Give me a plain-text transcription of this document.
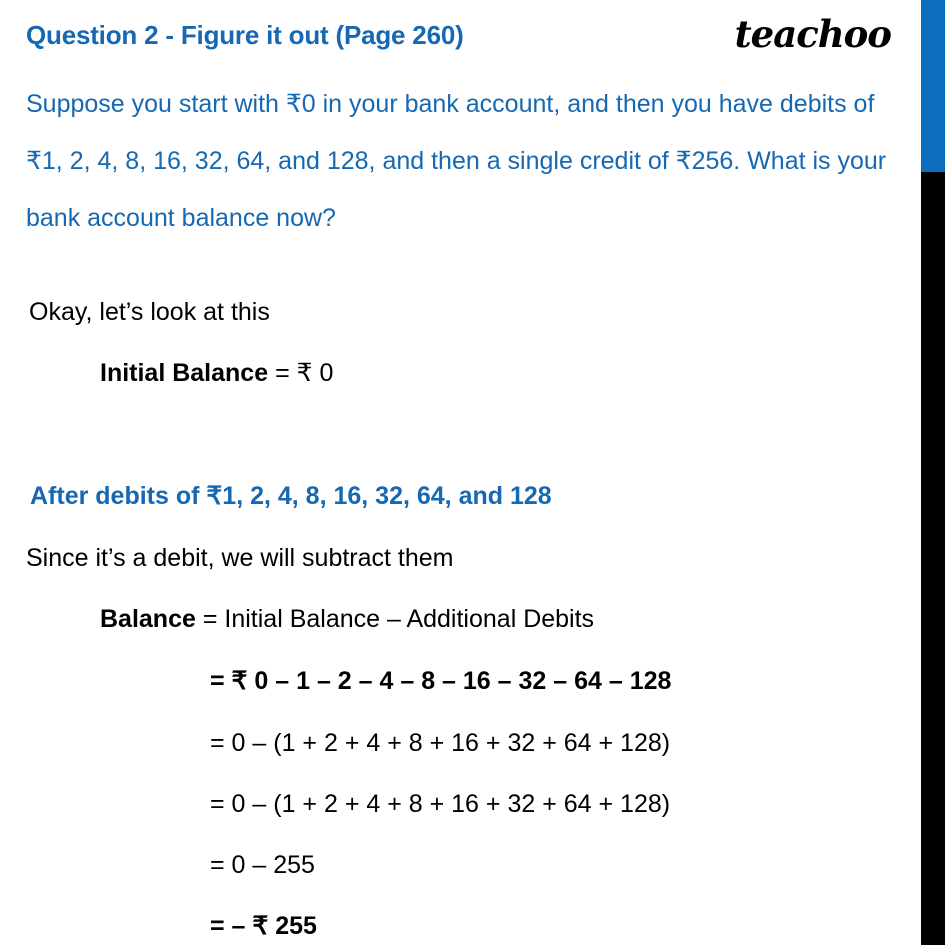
teachoo
Question 2 - Figure it out (Page 260)
Suppose you start with ₹0 in your bank account, and then you have debits of ₹1, 2, 4, 8, 16, 32, 64, and 128, and then a single credit of ₹256. What is your bank account balance now?
Okay, let’s look at this
Initial Balance = ₹ 0
After debits of ₹1, 2, 4, 8, 16, 32, 64, and 128
Since it’s a debit, we will subtract them
Balance = Initial Balance – Additional Debits
= ₹ 0 – 1 – 2 – 4 – 8 – 16 – 32 – 64 – 128
= 0 – (1 + 2 + 4 + 8 + 16 + 32 + 64 + 128)
= 0 – (1 + 2 + 4 + 8 + 16 + 32 + 64 + 128)
= 0 – 255
= – ₹ 255
